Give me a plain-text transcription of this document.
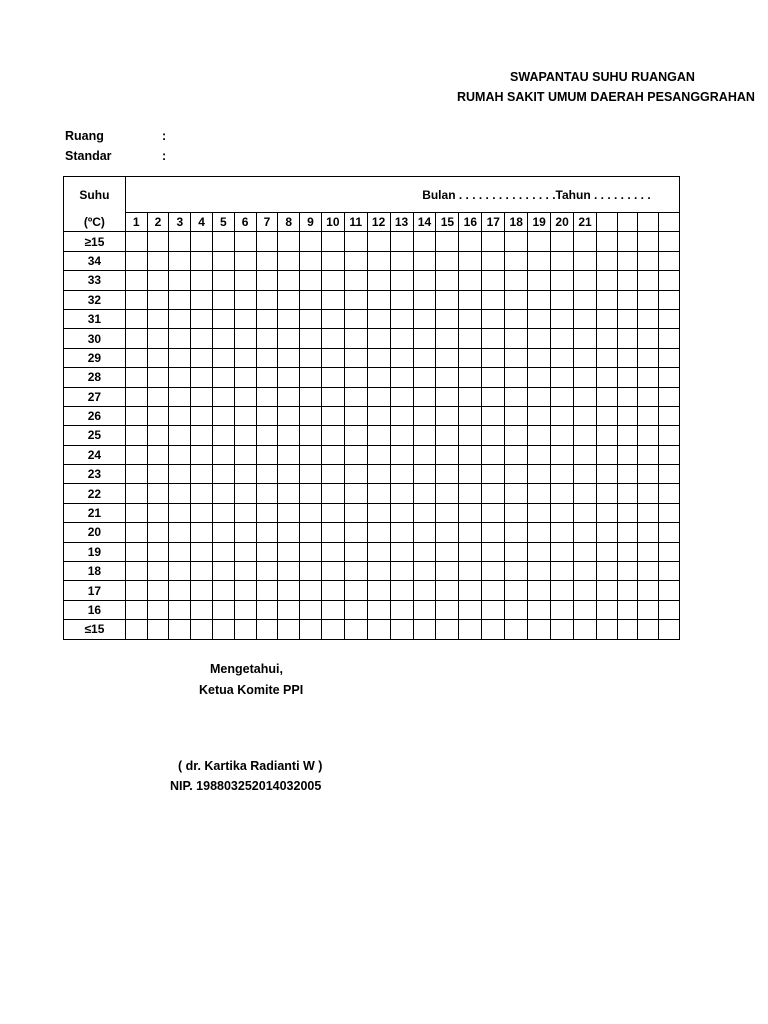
SWAPANTAU SUHU RUANGAN
RUMAH SAKIT UMUM DAERAH PESANGGRAHAN
Ruang	:
Standar	:
Suhu	Bulan . . . . . . . . . . . . . . .Tahun . . . . . . . . .																								
(ºC)	1	2	3	4	5	6	7	8	9	10	11	12	13	14	15	16	17	18	19	20	21				
≥15																									
34																									
33																									
32																									
31																									
30																									
29																									
28																									
27																									
26																									
25																									
24																									
23																									
22																									
21																									
20																									
19																									
18																									
17																									
16																									
≤15																									
Mengetahui,
Ketua Komite PPI
( dr. Kartika Radianti W )
NIP. 198803252014032005
